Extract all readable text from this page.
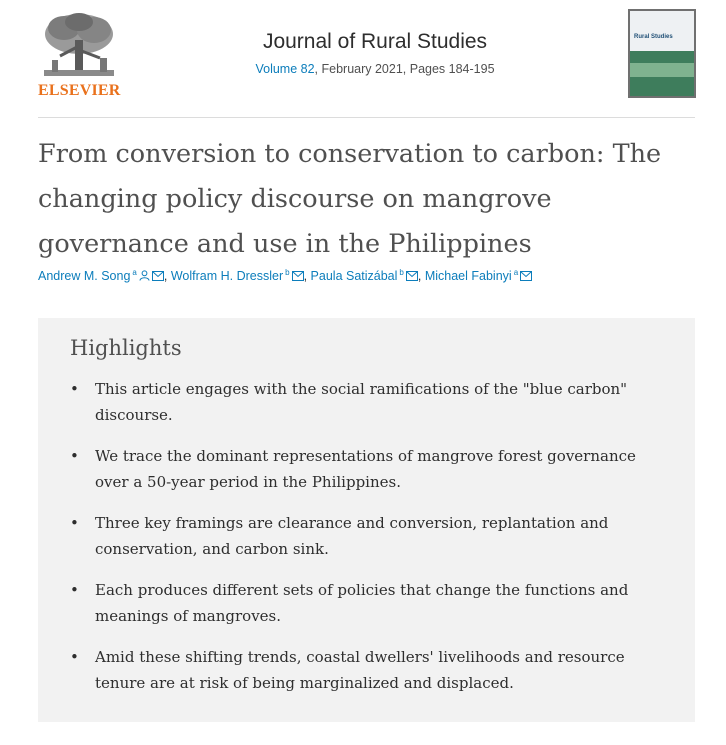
ELSEVIER
Journal of Rural Studies
Volume 82, February 2021, Pages 184-195
Rural Studies
From conversion to conservation to carbon: The changing policy discourse on mangrove governance and use in the Philippines
Andrew M. Song $^a$ , Wolfram H. Dressler $^b$ , Paula Satizábal $^b$ , Michael Fabinyi $^a$
Highlights
• This article engages with the social ramifications of the "blue carbon" discourse.
• We trace the dominant representations of mangrove forest governance over a 50-year period in the Philippines.
• Three key framings are clearance and conversion, replantation and conservation, and carbon sink.
• Each produces different sets of policies that change the functions and meanings of mangroves.
• Amid these shifting trends, coastal dwellers' livelihoods and resource tenure are at risk of being marginalized and displaced.
